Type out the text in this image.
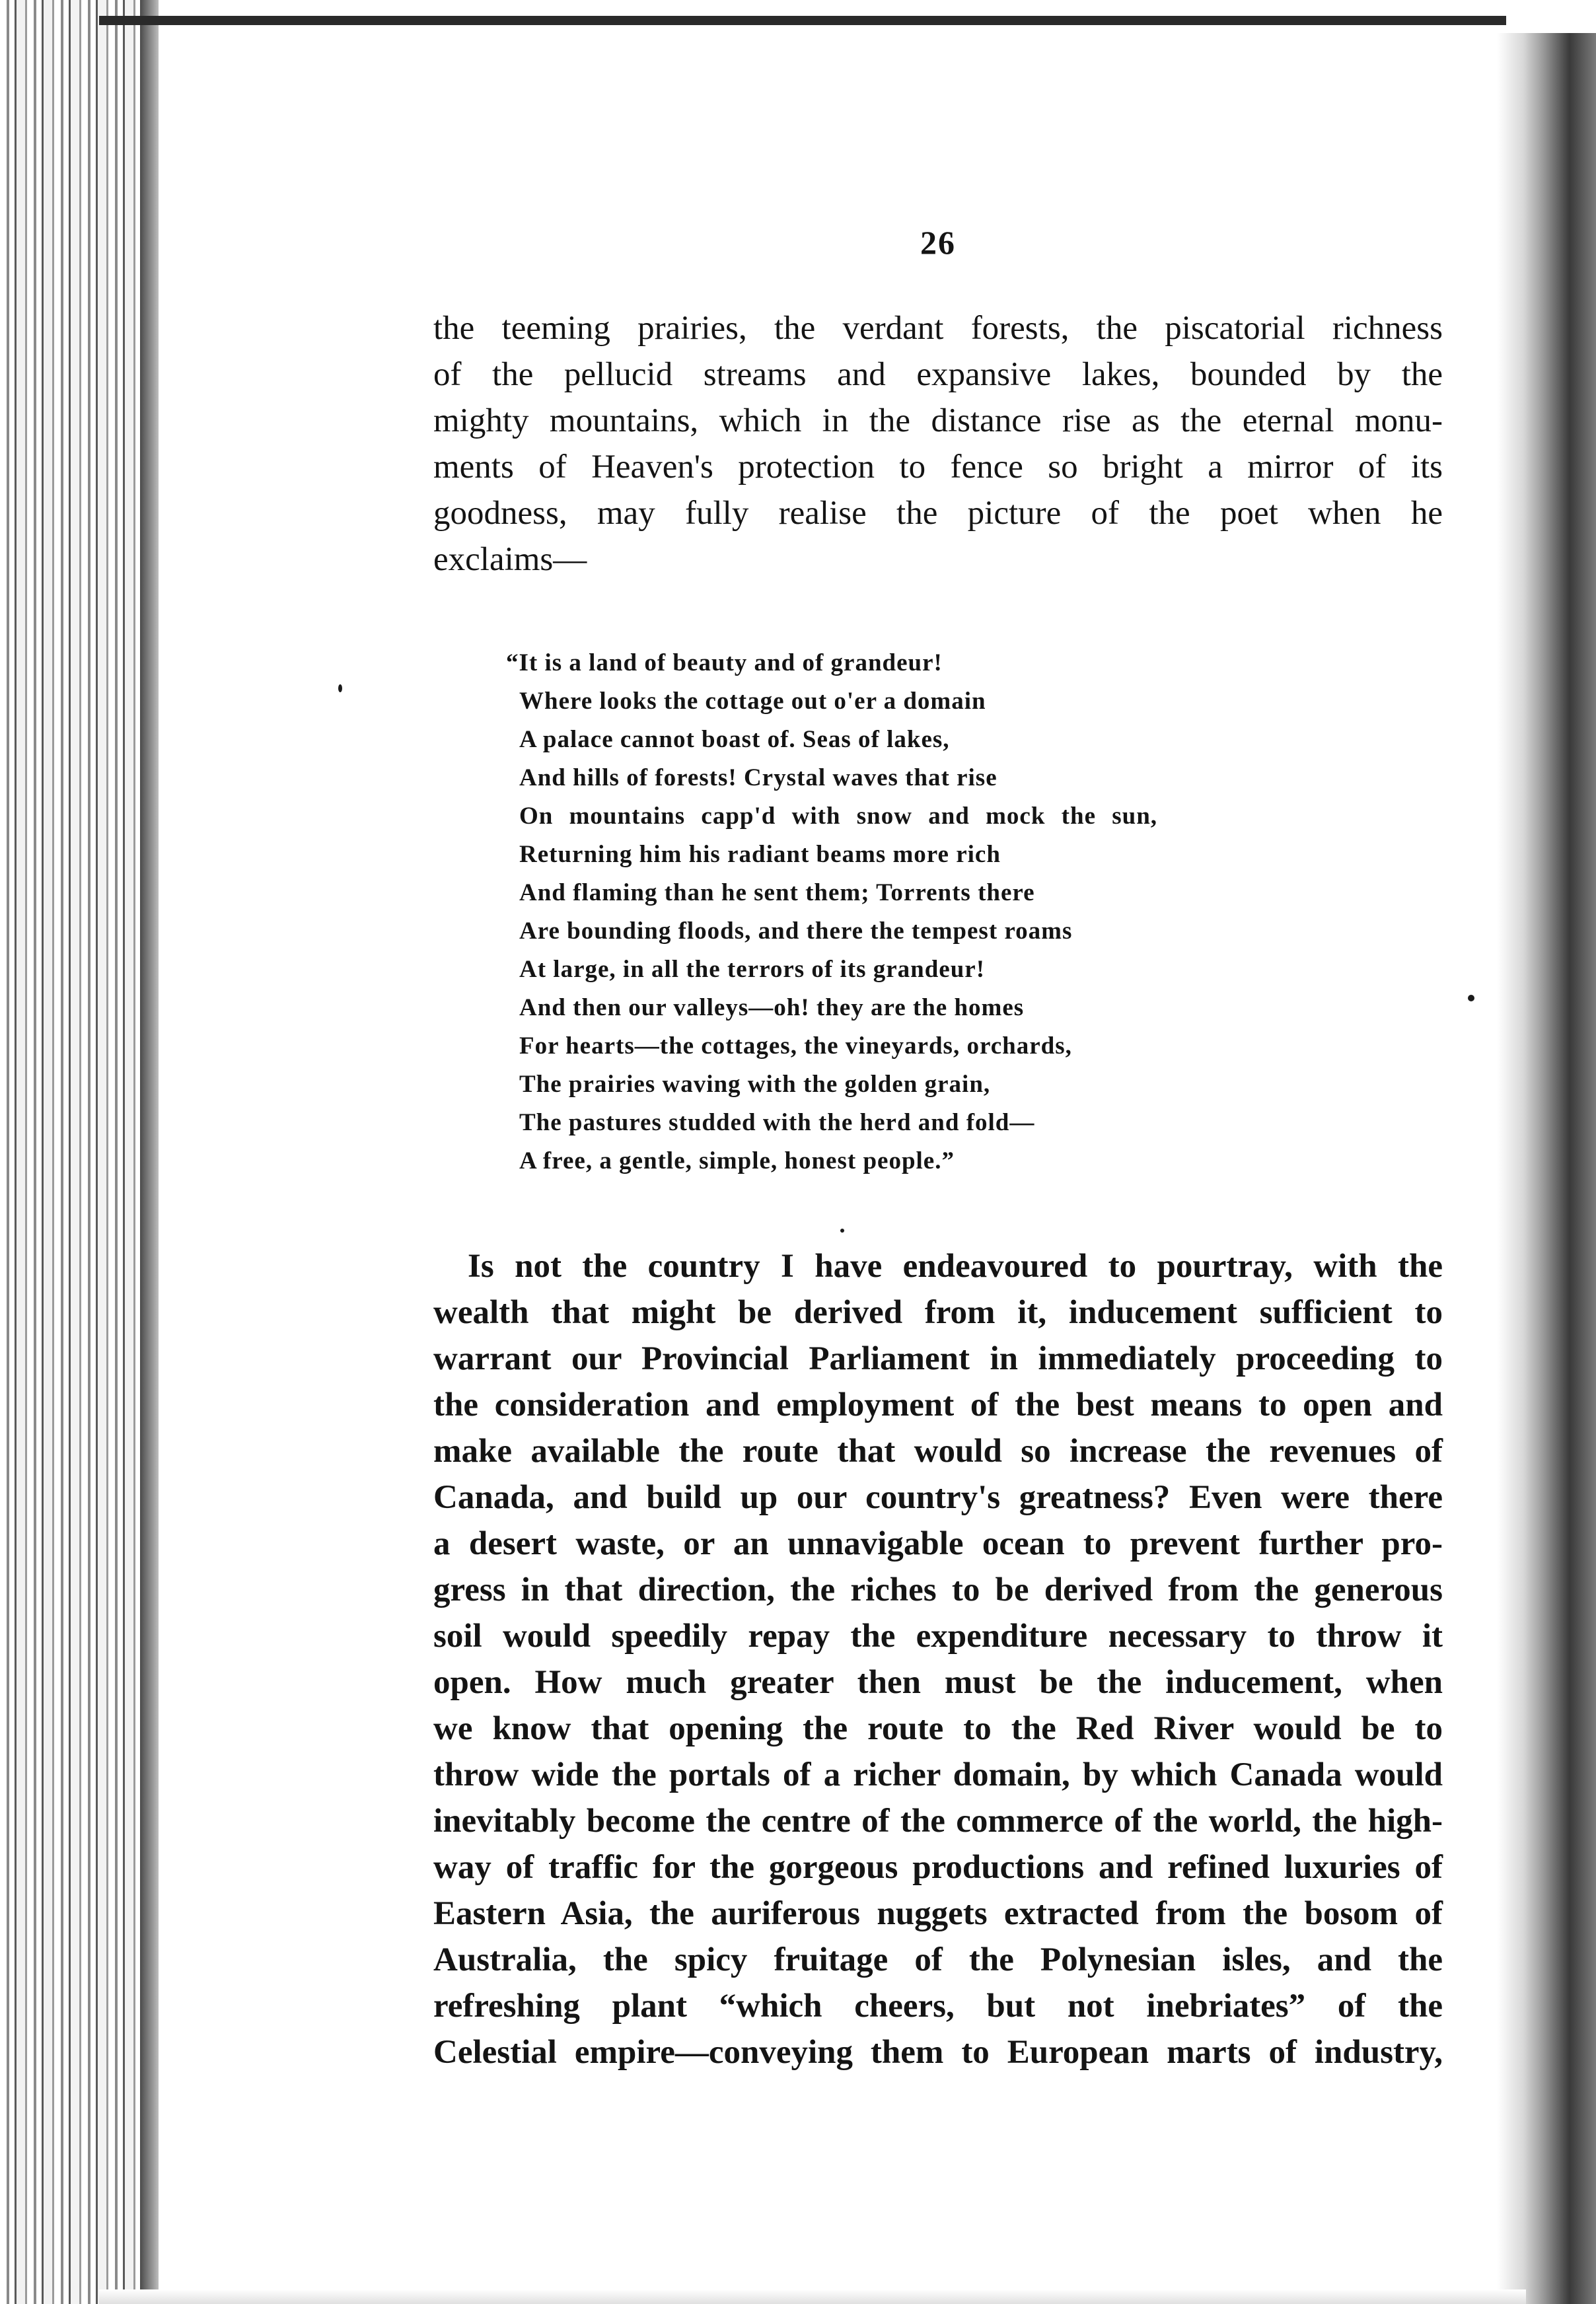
26
the teeming prairies, the verdant forests, the piscatorial richness
of the pellucid streams and expansive lakes, bounded by the
mighty mountains, which in the distance rise as the eternal monu-
ments of Heaven's protection to fence so bright a mirror of its
goodness, may fully realise the picture of the poet when he
exclaims—
“It is a land of beauty and of grandeur!
Where looks the cottage out o'er a domain
A palace cannot boast of. Seas of lakes,
And hills of forests! Crystal waves that rise
On mountains capp'd with snow and mock the sun,
Returning him his radiant beams more rich
And flaming than he sent them; Torrents there
Are bounding floods, and there the tempest roams
At large, in all the terrors of its grandeur!
And then our valleys—oh! they are the homes
For hearts—the cottages, the vineyards, orchards,
The prairies waving with the golden grain,
The pastures studded with the herd and fold—
A free, a gentle, simple, honest people.”
Is not the country I have endeavoured to pourtray, with the
wealth that might be derived from it, inducement sufficient to
warrant our Provincial Parliament in immediately proceeding to
the consideration and employment of the best means to open and
make available the route that would so increase the revenues of
Canada, and build up our country's greatness? Even were there
a desert waste, or an unnavigable ocean to prevent further pro-
gress in that direction, the riches to be derived from the generous
soil would speedily repay the expenditure necessary to throw it
open. How much greater then must be the inducement, when
we know that opening the route to the Red River would be to
throw wide the portals of a richer domain, by which Canada would
inevitably become the centre of the commerce of the world, the high-
way of traffic for the gorgeous productions and refined luxuries of
Eastern Asia, the auriferous nuggets extracted from the bosom of
Australia, the spicy fruitage of the Polynesian isles, and the
refreshing plant “which cheers, but not inebriates” of the
Celestial empire—conveying them to European marts of industry,
